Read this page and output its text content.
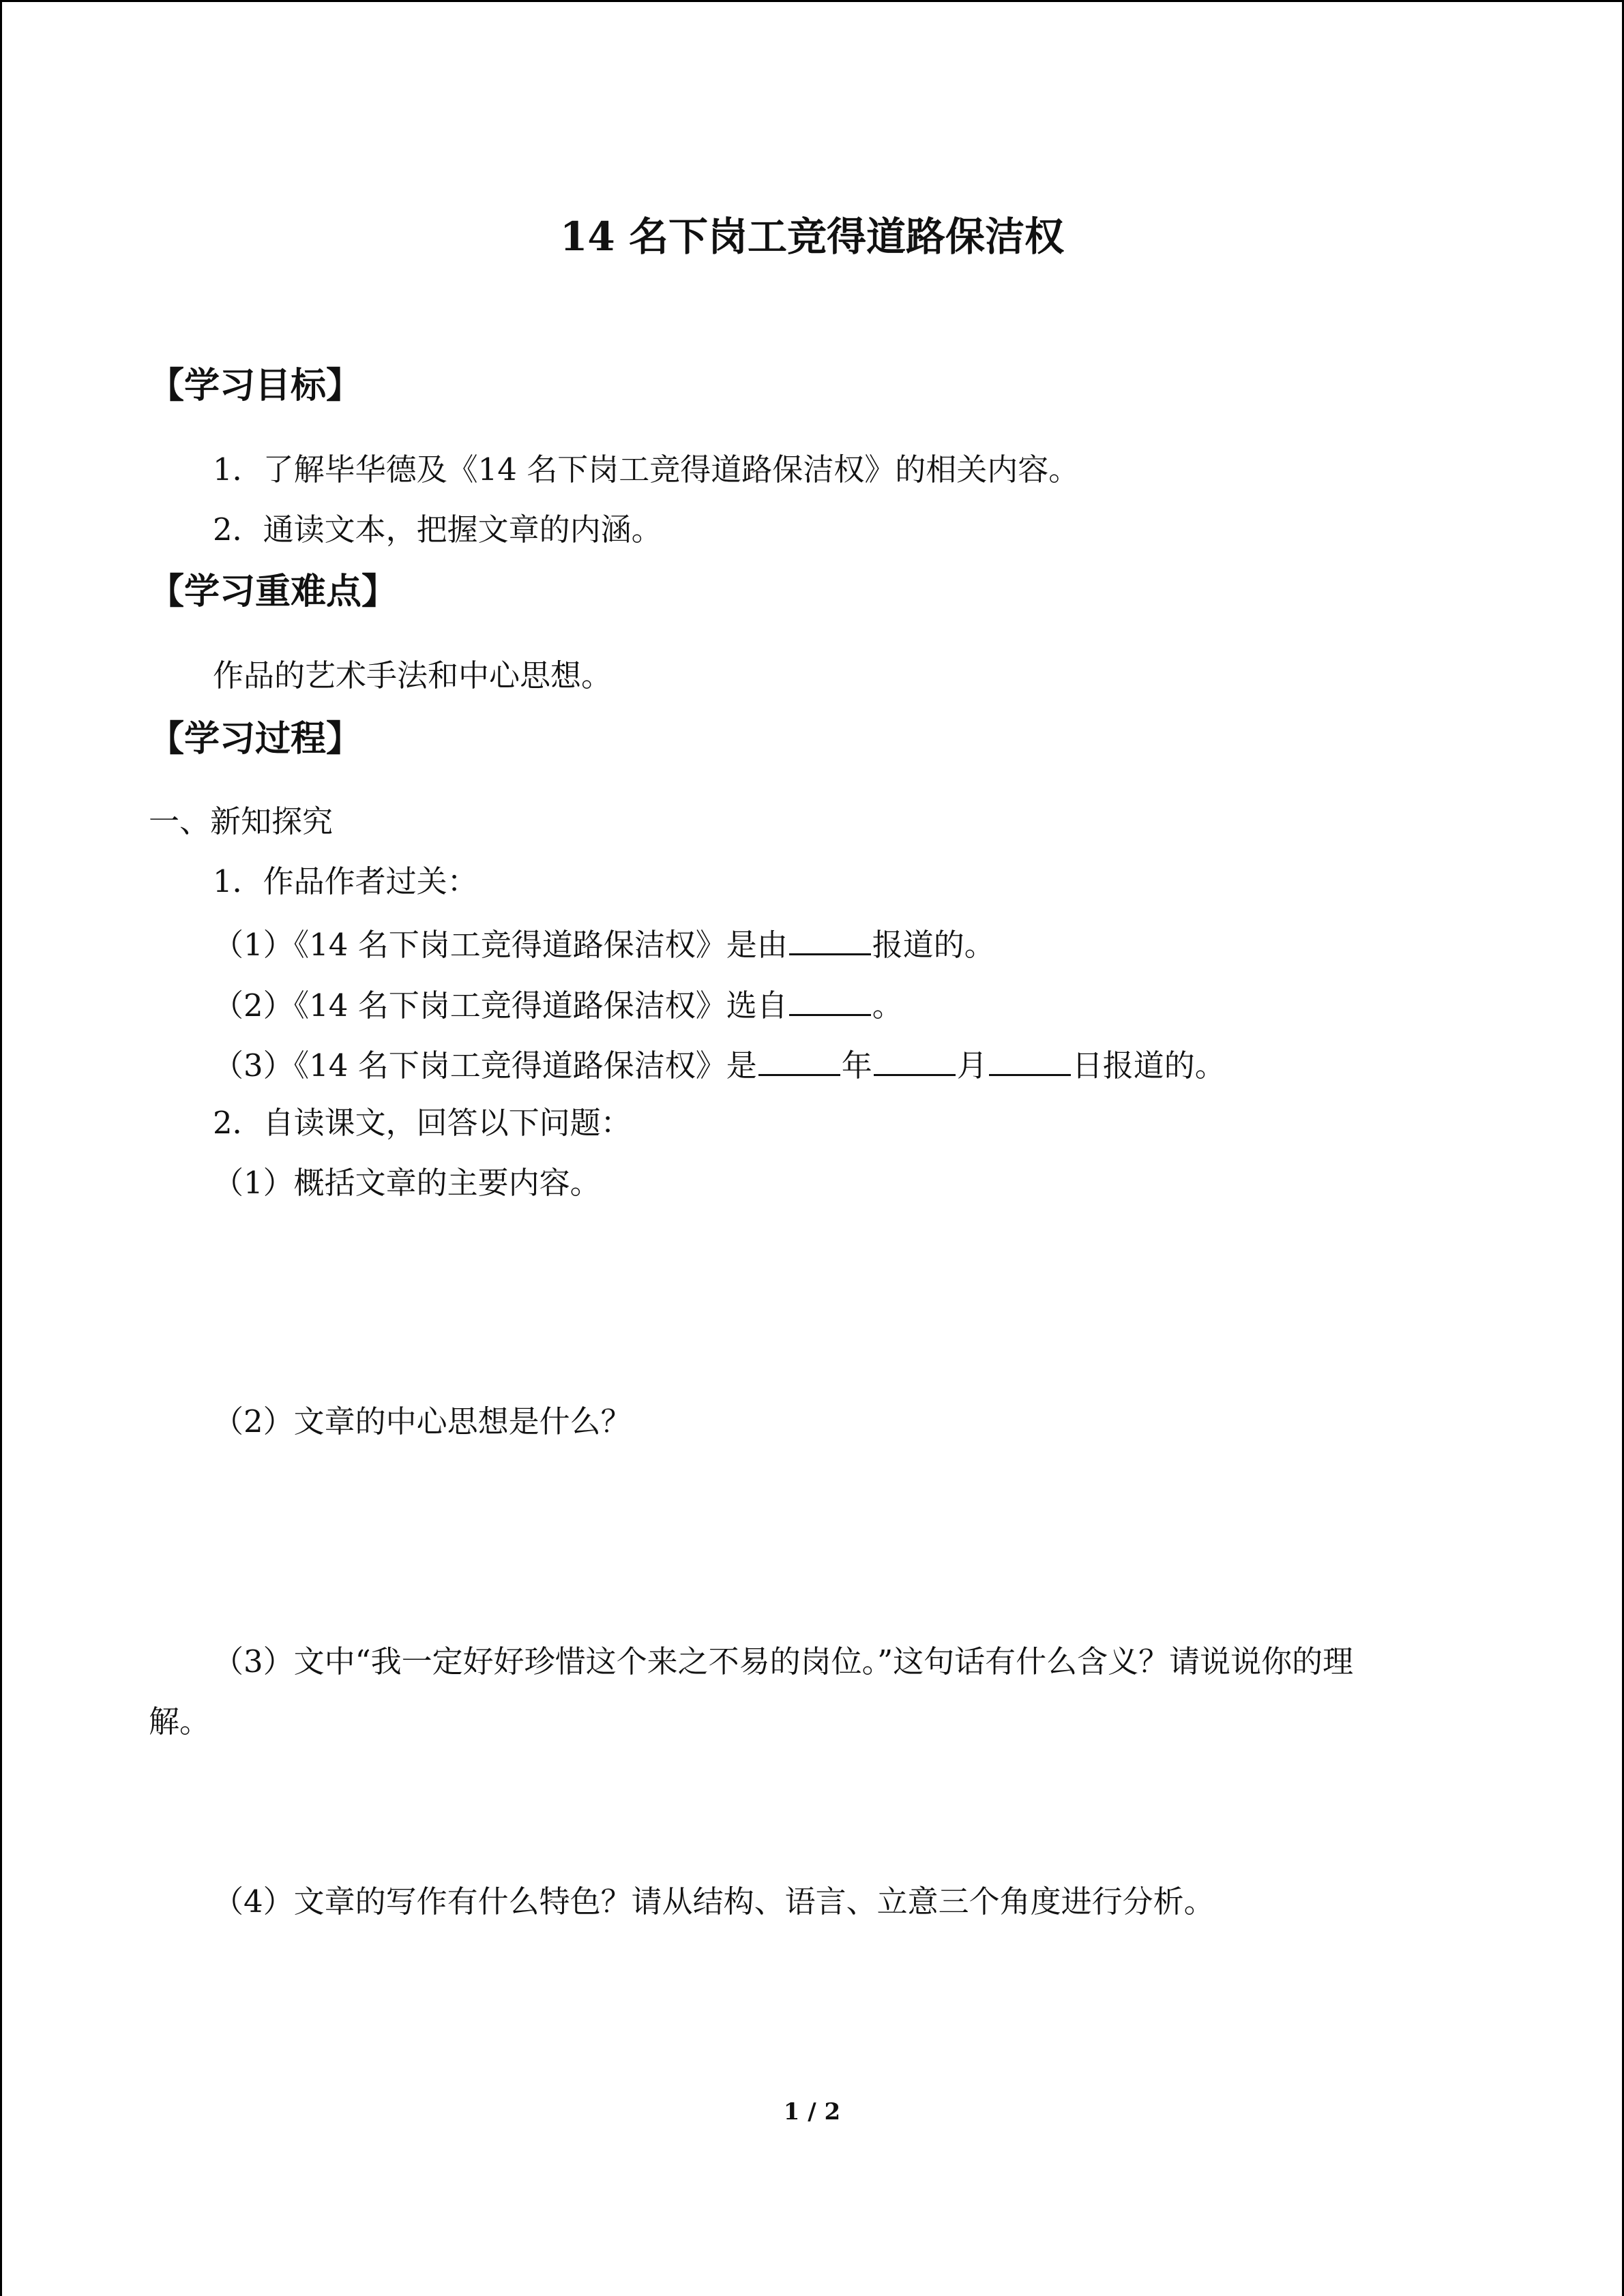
14 名下岗工竞得道路保洁权
【学习目标】
1．了解毕华德及《14 名下岗工竞得道路保洁权》的相关内容。
2．通读文本，把握文章的内涵。
【学习重难点】
作品的艺术手法和中心思想。
【学习过程】
一、新知探究
1．作品作者过关：
（1）《14 名下岗工竞得道路保洁权》是由	报道的。
（2）《14 名下岗工竞得道路保洁权》选自	。
（3）《14 名下岗工竞得道路保洁权》是	年	月	日报道的。
2．自读课文，回答以下问题：
（1）概括文章的主要内容。
（2）文章的中心思想是什么？
（3）文中“我一定好好珍惜这个来之不易的岗位。”这句话有什么含义？请说说你的理
解。
（4）文章的写作有什么特色？请从结构、语言、立意三个角度进行分析。
1 / 2
